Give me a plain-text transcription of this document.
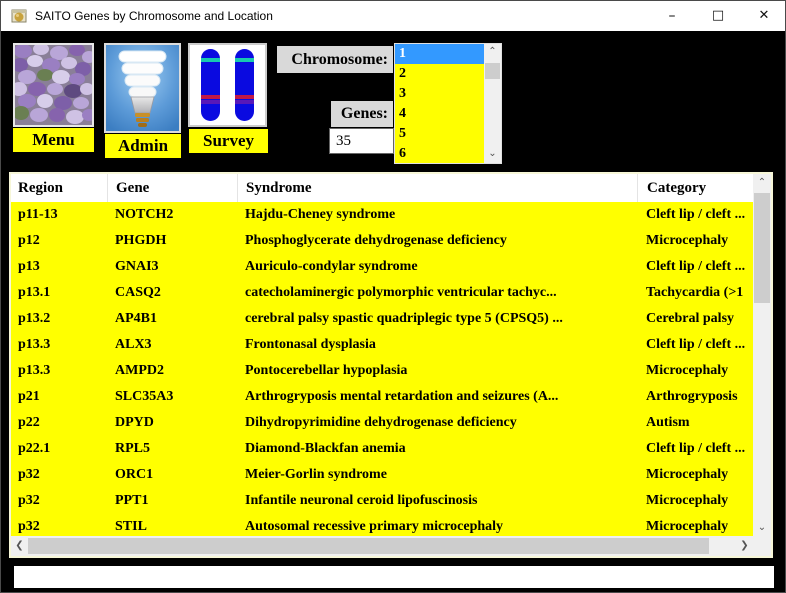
SAITO Genes by Chromosome and Location	–	□	✕
Menu	Admin	Survey
Chromosome: 1
2
3
4
5
6
⌃
⌄
Genes:
35
Region	Gene	Syndrome	Category
p11-13	NOTCH2	Hajdu-Cheney syndrome	Cleft lip / cleft ...
p12	PHGDH	Phosphoglycerate dehydrogenase deficiency	Microcephaly
p13	GNAI3	Auriculo-condylar syndrome	Cleft lip / cleft ...
p13.1	CASQ2	catecholaminergic polymorphic ventricular tachyc...	Tachycardia (>1
p13.2	AP4B1	cerebral palsy spastic quadriplegic type 5 (CPSQ5) ...	Cerebral palsy
p13.3	ALX3	Frontonasal dysplasia	Cleft lip / cleft ...
p13.3	AMPD2	Pontocerebellar hypoplasia	Microcephaly
p21	SLC35A3	Arthrogryposis mental retardation and seizures (A...	Arthrogryposis
p22	DPYD	Dihydropyrimidine dehydrogenase deficiency	Autism
p22.1	RPL5	Diamond-Blackfan anemia	Cleft lip / cleft ...
p32	ORC1	Meier-Gorlin syndrome	Microcephaly
p32	PPT1	Infantile neuronal ceroid lipofuscinosis	Microcephaly
p32	STIL	Autosomal recessive primary microcephaly	Microcephaly
⌃
⌄
❮	❯
